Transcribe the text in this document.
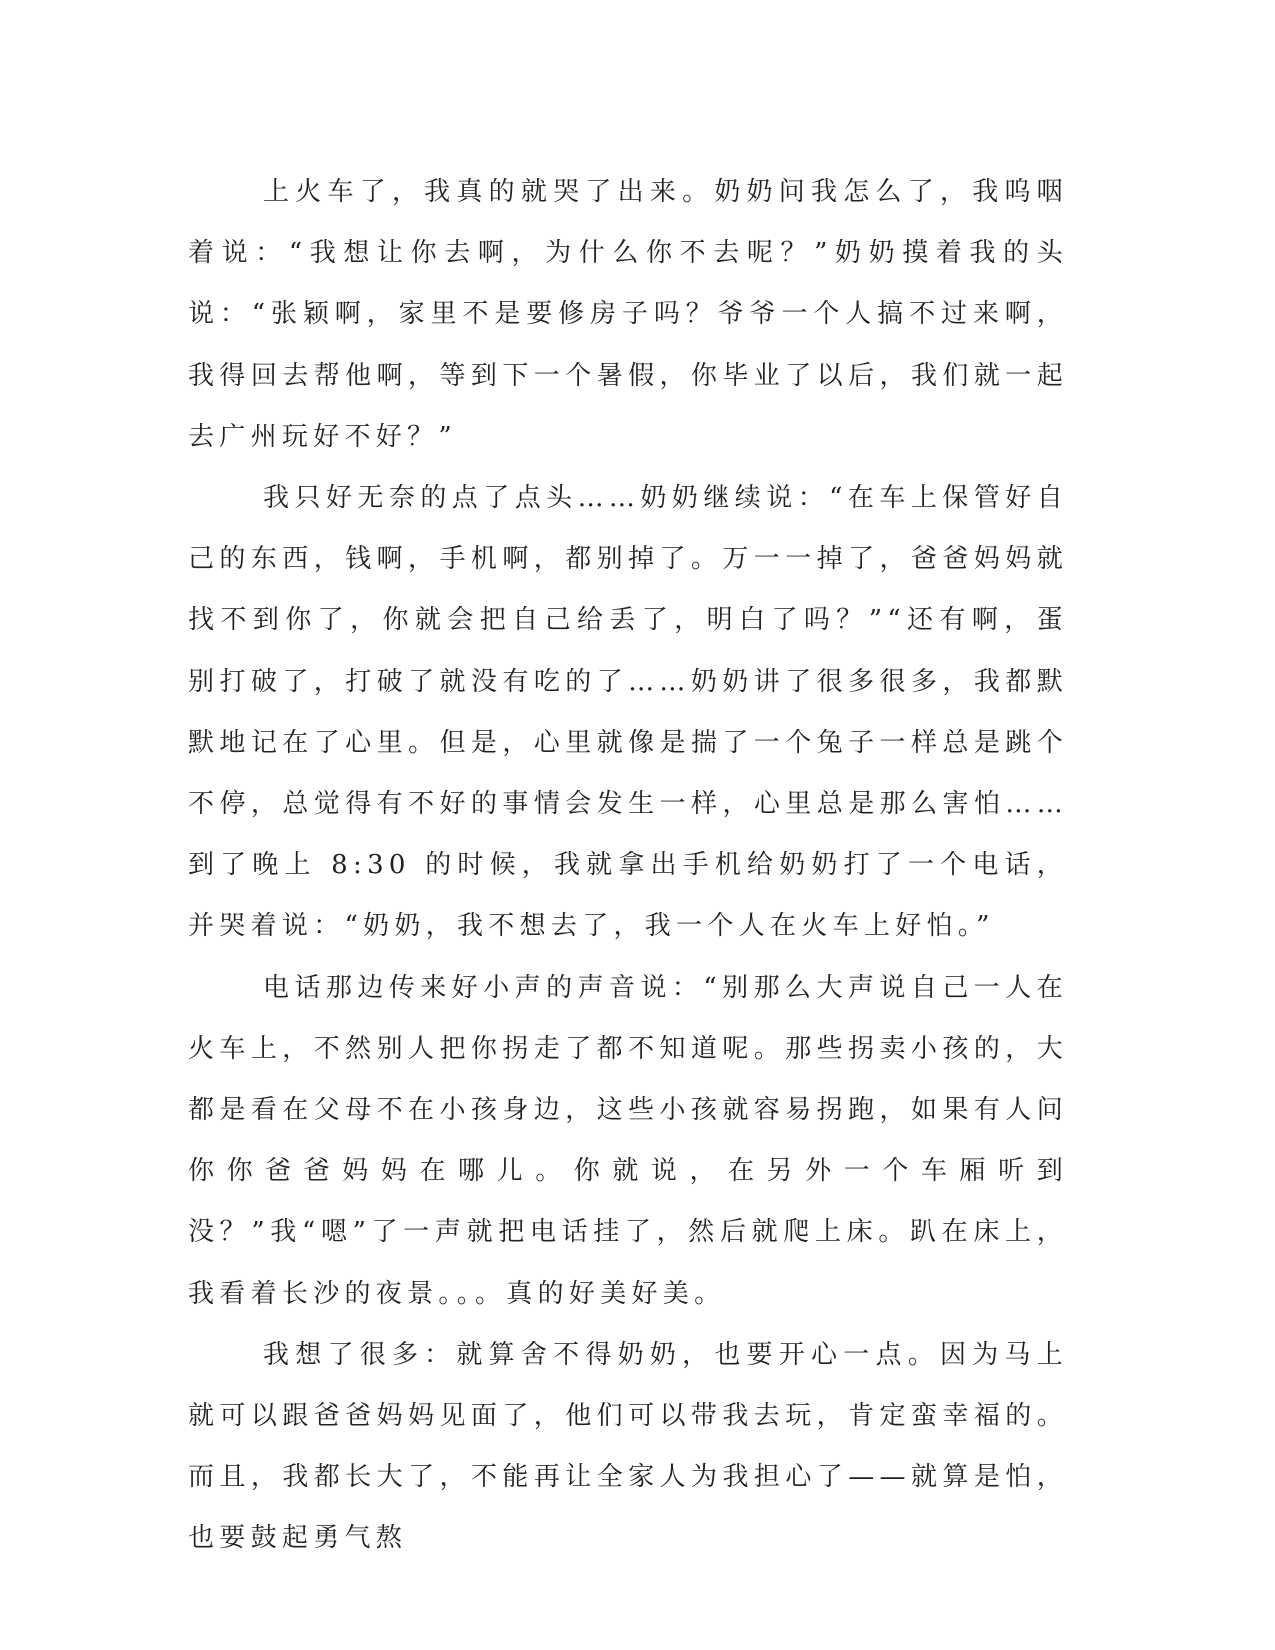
上火车了，我真的就哭了出来。奶奶问我怎么了，我呜咽着说：“我想让你去啊，为什么你不去呢？”奶奶摸着我的头说：“张颖啊，家里不是要修房子吗？爷爷一个人搞不过来啊，我得回去帮他啊，等到下一个暑假，你毕业了以后，我们就一起去广州玩好不好？”

我只好无奈的点了点头……奶奶继续说：“在车上保管好自己的东西，钱啊，手机啊，都别掉了。万一一掉了，爸爸妈妈就找不到你了，你就会把自己给丢了，明白了吗？”“还有啊，蛋别打破了，打破了就没有吃的了……奶奶讲了很多很多，我都默默地记在了心里。但是，心里就像是揣了一个兔子一样总是跳个不停，总觉得有不好的事情会发生一样，心里总是那么害怕……到了晚上 8:30 的时候，我就拿出手机给奶奶打了一个电话，并哭着说：“奶奶，我不想去了，我一个人在火车上好怕。”

电话那边传来好小声的声音说：“别那么大声说自己一人在火车上，不然别人把你拐走了都不知道呢。那些拐卖小孩的，大都是看在父母不在小孩身边，这些小孩就容易拐跑，如果有人问你你爸爸妈妈在哪儿。你就说，在另外一个车厢听到没？”我“嗯”了一声就把电话挂了，然后就爬上床。趴在床上，我看着长沙的夜景。。。真的好美好美。

我想了很多：就算舍不得奶奶，也要开心一点。因为马上就可以跟爸爸妈妈见面了，他们可以带我去玩，肯定蛮幸福的。而且，我都长大了，不能再让全家人为我担心了——就算是怕，也要鼓起勇气熬
